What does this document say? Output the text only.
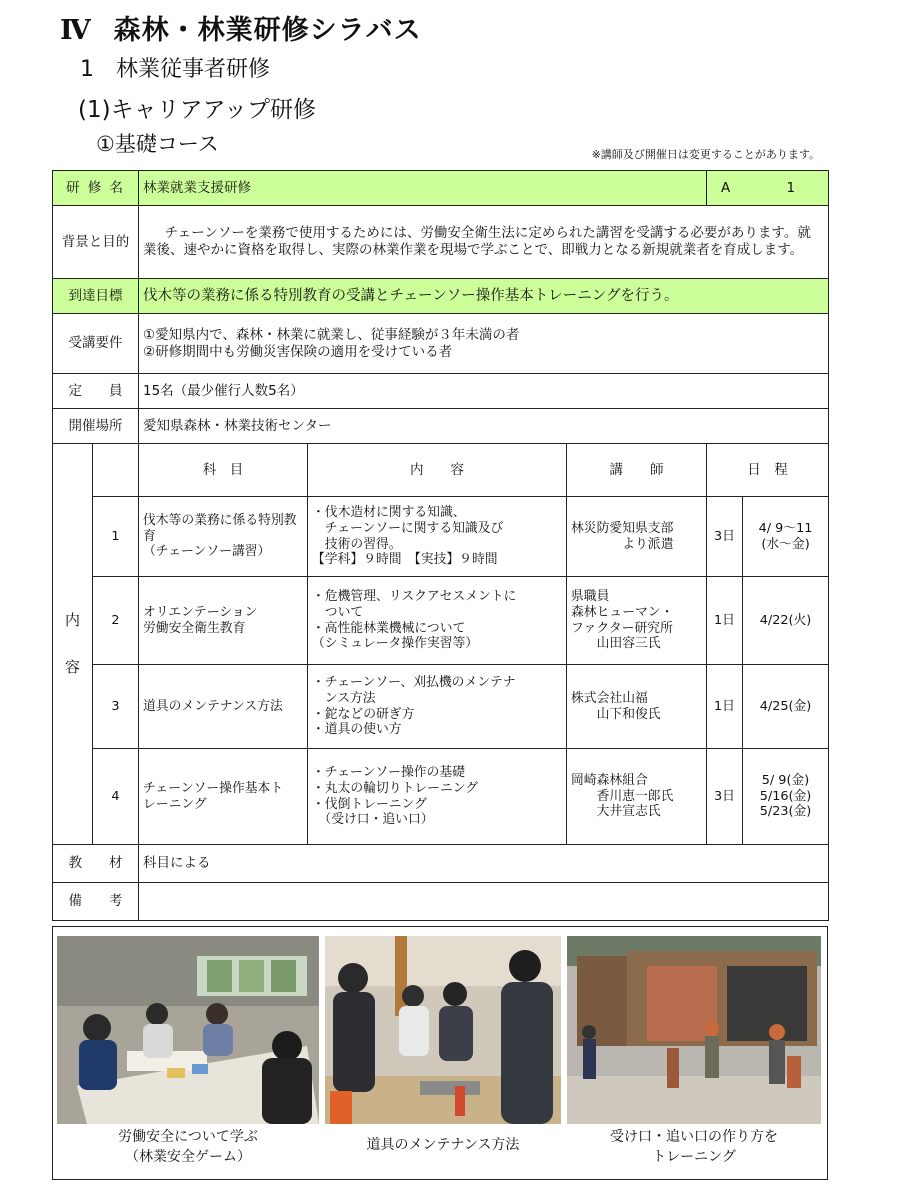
Ⅳ 森林・林業研修シラバス
1 林業従事者研修
(1)キャリアアップ研修
①基礎コース	※講師及び開催日は変更することがあります。
研 修 名		林業就業支援研修			A 1	
背景と目的		チェーンソーを業務で使用するためには、労働安全衛生法に定められた講習を受講する必要があります。就業後、速やかに資格を取得し、実際の林業作業を現場で学ぶことで、即戦力となる新規就業者を育成します。				
到達目標		伐木等の業務に係る特別教育の受講とチェーンソー操作基本トレーニングを行う。				
受講要件		①愛知県内で、森林・林業に就業し、従事経験が３年未満の者
②研修期間中も労働災害保険の適用を受けている者				

定　　員		15名（最少催行人数5名）				
開催場所		愛知県森林・林業技術センター				

内
容		科　目	内　　容	講　　師	日　程	
	1	伐木等の業務に係る特別教育
（チェーンソー講習）	・伐木造材に関する知識、
　チェーンソーに関する知識及び
　技術の習得。
【学科】９時間　【実技】９時間	林災防愛知県支部
　　　　より派遣	3日	4/ 9～11
(水～金)
	2	オリエンテーション
労働安全衛生教育	・危機管理、リスクアセスメントに
　ついて
・高性能林業機械について
（シミュレータ操作実習等）	県職員
森林ヒューマン・
ファクター研究所
　　山田容三氏	1日	4/22(火)
	3	道具のメンテナンス方法	・チェーンソー、刈払機のメンテナ
　ンス方法
・鉈などの研ぎ方
・道具の使い方	株式会社山福
　　山下和俊氏	1日	4/25(金)
	4	チェーンソー操作基本ト
レーニング	・チェーンソー操作の基礎
・丸太の輪切りトレーニング
・伐倒トレーニング
　（受け口・追い口）	岡崎森林組合
　　香川恵一郎氏
　　大井宣志氏	3日	5/ 9(金)
5/16(金)
5/23(金)
教　　材		科目による				
備　　考						
労働安全について学ぶ
（林業安全ゲーム）
道具のメンテナンス方法	受け口・追い口の作り方を
トレーニング
